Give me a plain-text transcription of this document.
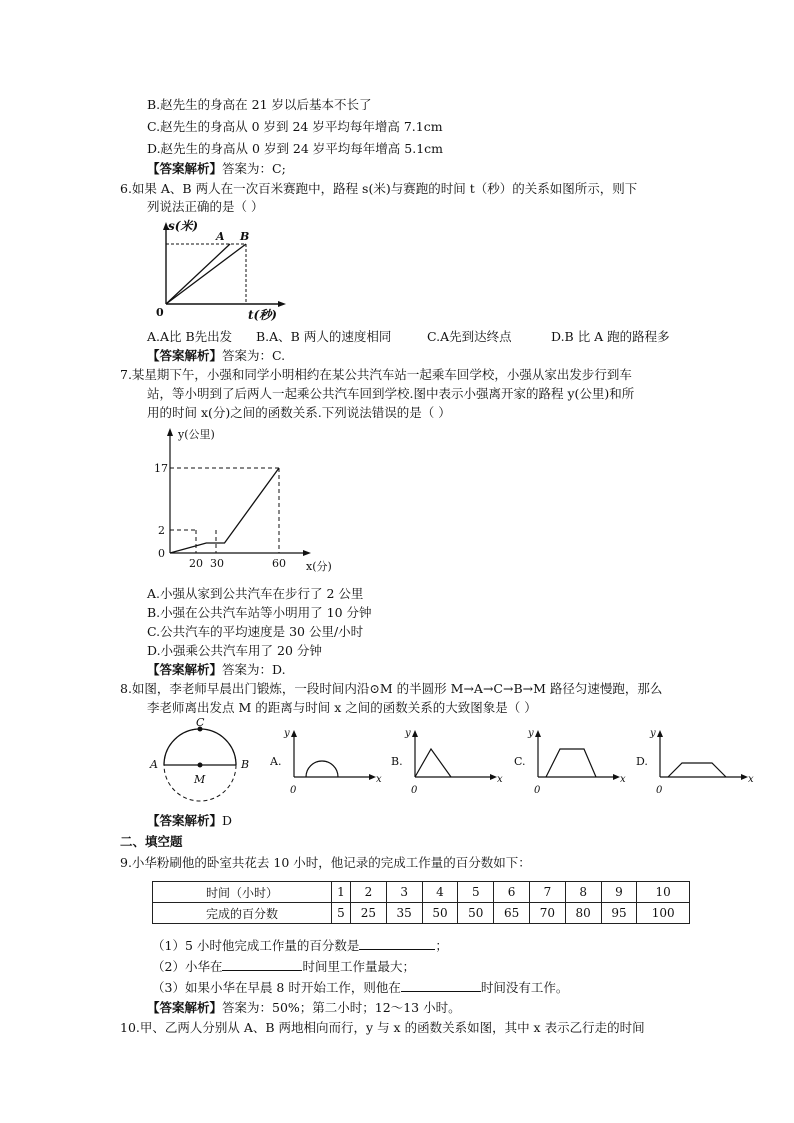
B.赵先生的身高在 21 岁以后基本不长了
C.赵先生的身高从 0 岁到 24 岁平均每年增高 7.1cm
D.赵先生的身高从 0 岁到 24 岁平均每年增高 5.1cm
【答案解析】答案为：C;
6.如果 A、B 两人在一次百米赛跑中，路程 s(米)与赛跑的时间 t（秒）的关系如图所示，则下
列说法正确的是（ ）
s(米)
A B
0	t(秒)
A.A比 B先出发 B.A、B 两人的速度相同	C.A先到达终点	D.B 比 A 跑的路程多
【答案解析】答案为：C.
7.某星期下午，小强和同学小明相约在某公共汽车站一起乘车回学校，小强从家出发步行到车
站，等小明到了后两人一起乘公共汽车回到学校.图中表示小强离开家的路程 y(公里)和所
用的时间 x(分)之间的函数关系.下列说法错误的是（ ）
y(公里)
17
2
0
20 30	60 x(分)
A.小强从家到公共汽车在步行了 2 公里
B.小强在公共汽车站等小明用了 10 分钟
C.公共汽车的平均速度是 30 公里/小时
D.小强乘公共汽车用了 20 分钟
【答案解析】答案为：D.
8.如图，李老师早晨出门锻炼，一段时间内沿⊙M 的半圆形 M→A→C→B→M 路径匀速慢跑，那么
李老师离出发点 M 的距离与时间 x 之间的函数关系的大致图象是（ ）
C
A	B
M
A.
y
x
0
B.
y
x
0
C.
y
x
0
D.
y
x
0
【答案解析】D
二、填空题
9.小华粉刷他的卧室共花去 10 小时，他记录的完成工作量的百分数如下：
时间（小时）	1	2	3	4	5	6	7	8	9	10
完成的百分数	5	25	35	50	50	65	70	80	95	100
（1）5 小时他完成工作量的百分数是	；
（2）小华在	时间里工作量最大；
（3）如果小华在早晨 8 时开始工作，则他在	时间没有工作。
【答案解析】答案为：50%；第二小时；12～13 小时。
10.甲、乙两人分别从 A、B 两地相向而行，y 与 x 的函数关系如图，其中 x 表示乙行走的时间
